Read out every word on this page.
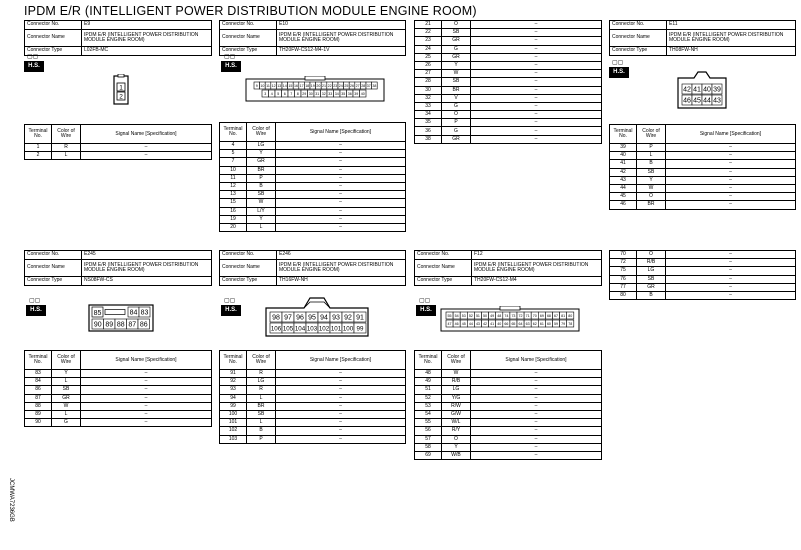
IPDM E/R (INTELLIGENT POWER DISTRIBUTION MODULE ENGINE ROOM)
Connector No.	E9
Connector Name	IPDM E/R (INTELLIGENT POWER DISTRIBUTION MODULE ENGINE ROOM)
Connector Type	L02FB-MC
▢▢
H.S.
1
2
Terminal No.	Color of Wire	Signal Name [Specification]
1	R	–
2	L	–
Connector No.	E10
Connector Name	IPDM E/R (INTELLIGENT POWER DISTRIBUTION MODULE ENGINE ROOM)
Connector Type	TH20FW-CS12-M4-1V
▢▢
H.S.
9 10 11 12 13 14 15 16 17 18 19 20 21 22 23 24 25 26 27 28 37 38
3 4 5 6 7 8 29 30 31 32 33 34 35 36 39 40
Terminal No.	Color of Wire	Signal Name [Specification]
4	LG	–
5	Y	–
7	GR	–
10	BR	–
11	P	–
12	B	–
13	SB	–
15	W	–
16	L/Y	–
19	Y	–
20	L	–
21	O	–
22	SB	–
23	GR	–
24	G	–
25	GR	–
26	Y	–
27	W	–
28	SB	–
30	BR	–
32	V	–
33	G	–
34	O	–
35	P	–
36	G	–
38	GR	–
Connector No.	E11
Connector Name	IPDM E/R (INTELLIGENT POWER DISTRIBUTION MODULE ENGINE ROOM)
Connector Type	TH08FW-NH
▢▢
H.S.
42 41 40 39
46 45 44 43
Terminal No.	Color of Wire	Signal Name [Specification]
39	P	–
40	L	–
41	B	–
42	SB	–
43	Y	–
44	W	–
45	O	–
46	BR	–
Connector No.	E245
Connector Name	IPDM E/R (INTELLIGENT POWER DISTRIBUTION MODULE ENGINE ROOM)
Connector Type	NS08FW-CS
▢▢
H.S.	85	84 83
90 89 88 87 86
Terminal No.	Color of Wire	Signal Name [Specification]
83	Y	–
84	L	–
86	SB	–
87	GR	–
88	W	–
89	L	–
90	G	–
Connector No.	E246
Connector Name	IPDM E/R (INTELLIGENT POWER DISTRIBUTION MODULE ENGINE ROOM)
Connector Type	TH16FW-NH
▢▢
H.S.
98 97 96 95 94 93 92 91
106 105 104 103 102 101 100 99
Terminal No.	Color of Wire	Signal Name [Specification]
91	R	–
92	LG	–
93	R	–
94	L	–
99	BR	–
100	SB	–
101	L	–
102	B	–
103	P	–
Connector No.	F12
Connector Name	IPDM E/R (INTELLIGENT POWER DISTRIBUTION MODULE ENGINE ROOM)
Connector Type	TH20FW-CS12-M4
▢▢
H.S.
55 54 53 52 51 50 49 48 74 73 72 71 70 69 68 67 81 80
47 46 45 44 43 42 41 40 66 65 64 63 62 61 60 59 79 78
Terminal No.	Color of Wire	Signal Name [Specification]
48	W	–
49	R/B	–
51	LG	–
52	Y/G	–
53	R/W	–
54	G/W	–
55	W/L	–
56	R/Y	–
57	O	–
58	Y	–
69	W/B	–
70	O	–
72	R/B	–
75	LG	–
76	SB	–
77	GR	–
80	B	–
JCMWA7236GB
